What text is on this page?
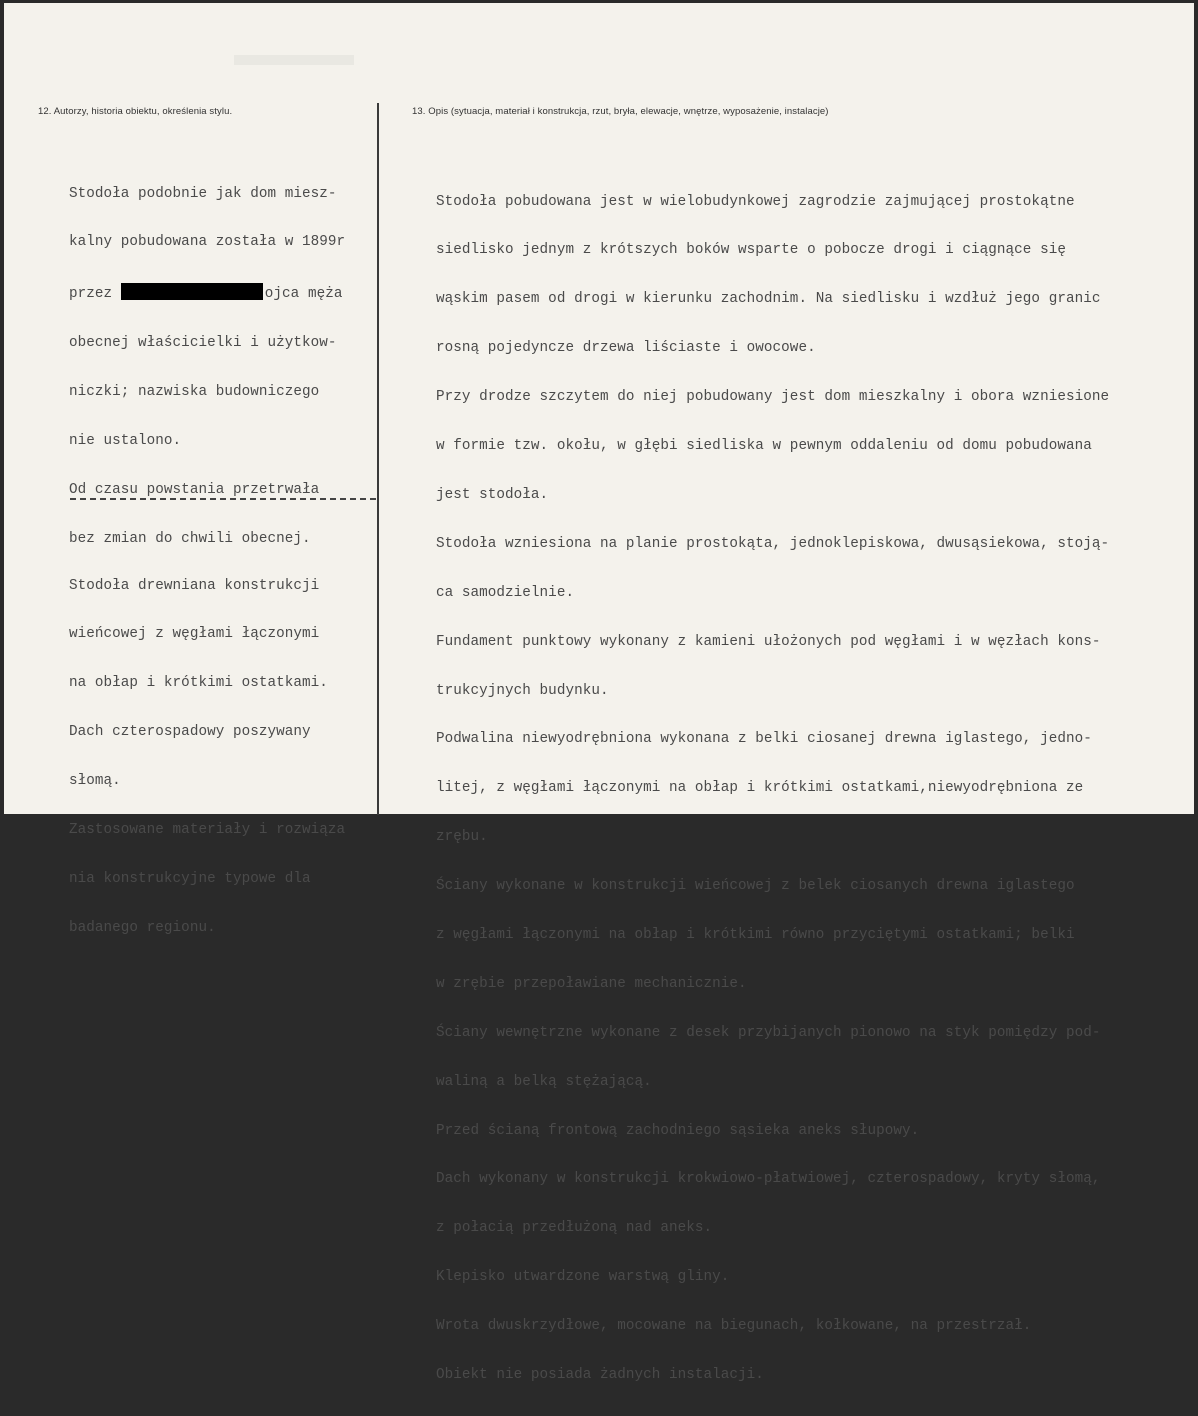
12. Autorzy, historia obiektu, określenia stylu.	13. Opis (sytuacja, materiał i konstrukcja, rzut, bryła, elewacje, wnętrze, wyposażenie, instalacje)

Stodoła podobnie jak dom miesz-

kalny pobudowana została w 1899r

przez	ojca męża

obecnej właścicielki i użytkow-

niczki; nazwiska budowniczego

nie ustalono.

Od czasu powstania przetrwała

bez zmian do chwili obecnej.

Stodoła drewniana konstrukcji

wieńcowej z węgłami łączonymi

na obłap i krótkimi ostatkami.

Dach czterospadowy poszywany

słomą.

Zastosowane materiały i rozwiąza

nia konstrukcyjne typowe dla

badanego regionu.

Stodoła pobudowana jest w wielobudynkowej zagrodzie zajmującej prostokątne

siedlisko jednym z krótszych boków wsparte o pobocze drogi i ciągnące się

wąskim pasem od drogi w kierunku zachodnim. Na siedlisku i wzdłuż jego granic

rosną pojedyncze drzewa liściaste i owocowe.

Przy drodze szczytem do niej pobudowany jest dom mieszkalny i obora wzniesione

w formie tzw. okołu, w głębi siedliska w pewnym oddaleniu od domu pobudowana

jest stodoła.

Stodoła wzniesiona na planie prostokąta, jednoklepiskowa, dwusąsiekowa, stoją-

ca samodzielnie.

Fundament punktowy wykonany z kamieni ułożonych pod węgłami i w węzłach kons-

trukcyjnych budynku.

Podwalina niewyodrębniona wykonana z belki ciosanej drewna iglastego, jedno-

litej, z węgłami łączonymi na obłap i krótkimi ostatkami,niewyodrębniona ze

zrębu.

Ściany wykonane w konstrukcji wieńcowej z belek ciosanych drewna iglastego

z węgłami łączonymi na obłap i krótkimi równo przyciętymi ostatkami; belki

w zrębie przepoławiane mechanicznie.

Ściany wewnętrzne wykonane z desek przybijanych pionowo na styk pomiędzy pod-

waliną a belką stężającą.

Przed ścianą frontową zachodniego sąsieka aneks słupowy.

Dach wykonany w konstrukcji krokwiowo-płatwiowej, czterospadowy, kryty słomą,

z połacią przedłużoną nad aneks.

Klepisko utwardzone warstwą gliny.

Wrota dwuskrzydłowe, mocowane na biegunach, kołkowane, na przestrzał.

Obiekt nie posiada żadnych instalacji.
